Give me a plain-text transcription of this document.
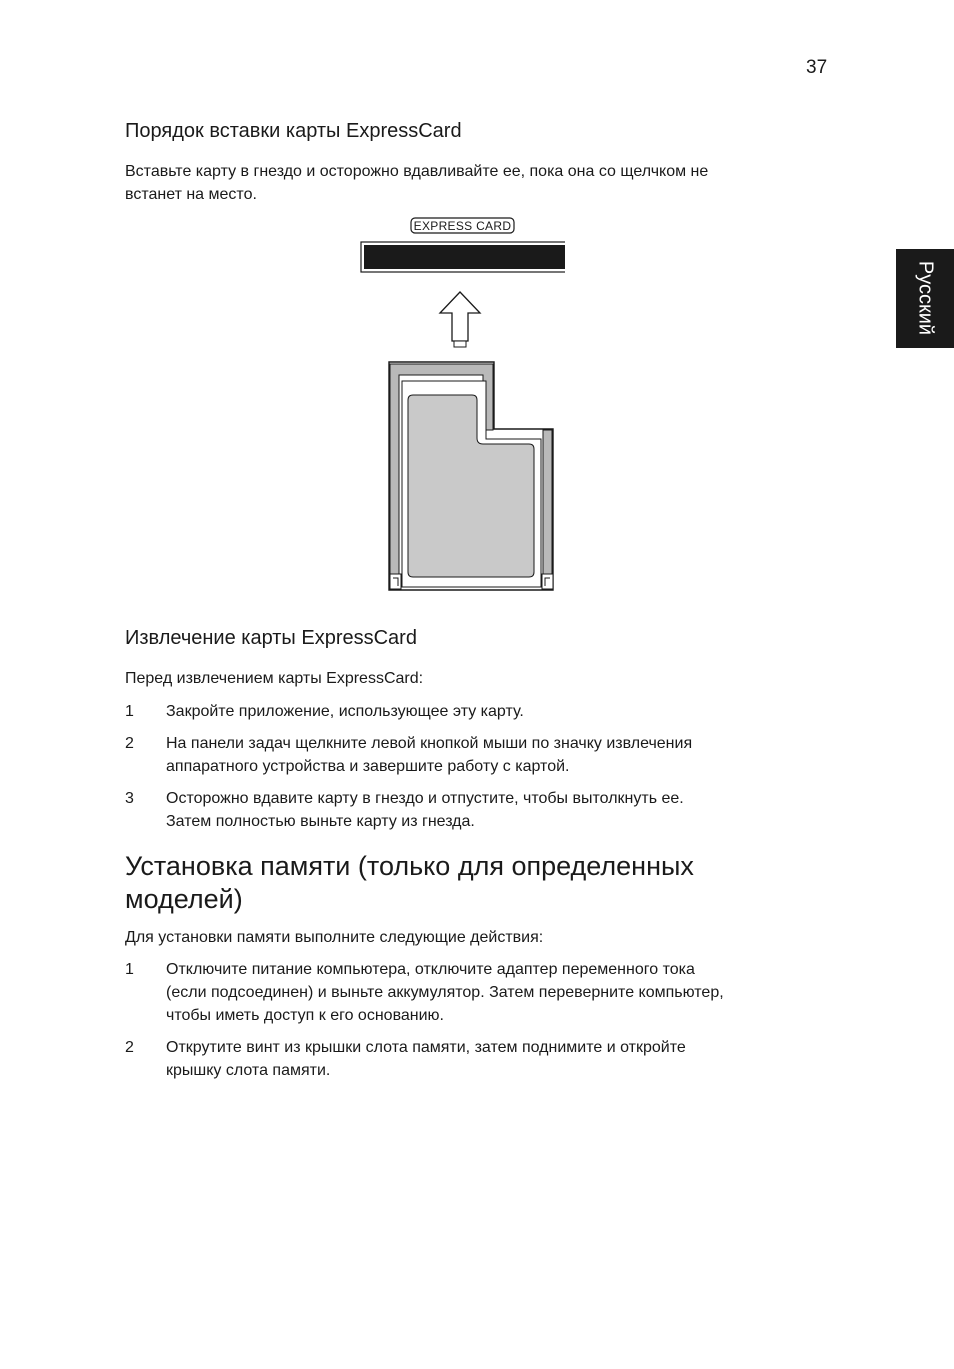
37
Русский
Порядок вставки карты ExpressCard

Вставьте карту в гнездо и осторожно вдавливайте ее, пока она со щелчком не
встанет на место.

EXPRESS CARD
Извлечение карты ExpressCard

Перед извлечением карты ExpressCard:

1 Закройте приложение, использующее эту карту.
2 На панели задач щелкните левой кнопкой мыши по значку извлечения
аппаратного устройства и завершите работу с картой.
3 Осторожно вдавите карту в гнездо и отпустите, чтобы вытолкнуть ее.
Затем полностью выньте карту из гнезда.
Установка памяти (только для определенных
моделей)

Для установки памяти выполните следующие действия:

1 Отключите питание компьютера, отключите адаптер переменного тока
(если подсоединен) и выньте аккумулятор. Затем переверните компьютер,
чтобы иметь доступ к его основанию.
2 Открутите винт из крышки слота памяти, затем поднимите и откройте
крышку слота памяти.
